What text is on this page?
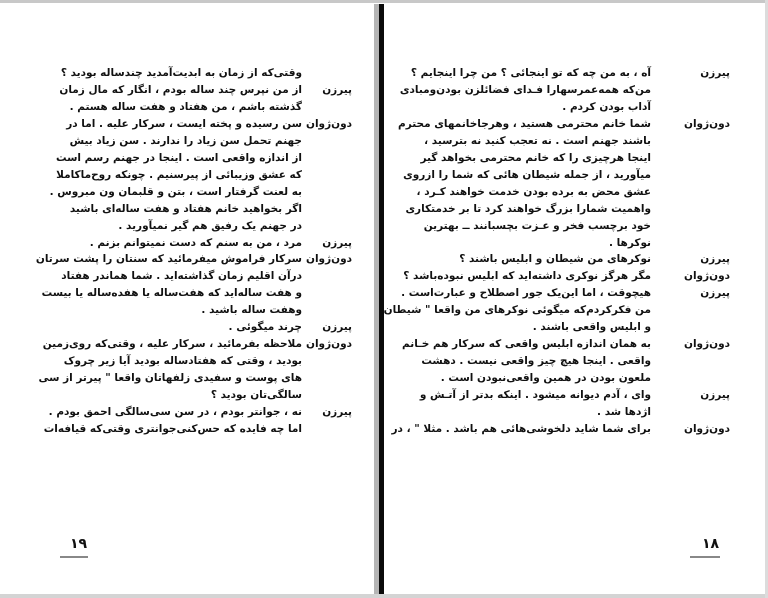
وقتی‌که از زمان به ابدیت‌آمدید چندساله بودید ؟
پیرزن
از من نپرس چند ساله بودم ، انگار که مال زمان
گذشته باشم ، من هفتاد و هفت ساله هستم .
دون‌ژوان
سن رسیده و پخته ایست ، سرکار علیه . اما در
جهنم تحمل سن زیاد را ندارند . سن زیاد بیش
از اندازه واقعی است . اینجا در جهنم رسم است
که عشق وزیبائی از پیرسنیم . چونکه روح‌ماکاملا
به لعنت گرفتار است ، بتن و قلبمان ون مبروس .
اگر بخواهید خانم هفتاد و هفت ساله‌ای باشید
در جهنم یک رفیق هم گیر نمیآورید .
پیرزن
مرد ، من به سنم که دست نمیتوانم بزنم .
دون‌ژوان
سرکار فراموش میفرمائید که سنتان را پشت سرتان
درآن اقلیم زمان گذاشته‌اید . شما هماندر هفتاد
و هفت ساله‌اید که هفت‌ساله یا هفده‌ساله یا بیست
وهفت ساله باشید .
پیرزن
چرند میگوئی .
دون‌ژوان
ملاحظه بفرمائید ، سرکار علیه ، وقتی‌که روی‌زمین
بودید ، وقتی که هفتادساله بودید آیا زیر چروک
های پوست و سفیدی زلفهاتان واقعا " پیرتر از سی
سالگی‌تان بودید ؟
پیرزن
نه ، جوانتر بودم ، در سن سی‌سالگی احمق بودم .
اما چه فایده که حس‌کنی‌جوانتری وقتی‌که قیافه‌ات
۱۹
پیرزن
آه ، به من چه که تو اینجائی ؟ من چرا اینجایم ؟
من‌که همه‌عمرسهارا فـدای فضائلزن بودن‌ومبادی
آداب بودن کردم .
دون‌ژوان
شما خانم محترمی هستید ، وهرجاخانمهای محترم
باشند جهنم است . نه تعجب کنید نه بترسید ،
اینجا هرچیزی را که خانم محترمی بخواهد گیر
میآورید ، از جمله شیطان هائی که شما را ازروی
عشق محض به برده بودن خدمت خواهند کـرد ،
واهمیت شمارا بزرگ خواهند کرد تا بر خدمتکاری
خود برچسب فخر و عـزت بچسبانند ــ بهترین
نوکرها .
پیرزن
نوکرهای من شیطان و ابلیس باشند ؟
دون‌ژوان
مگر هرگز نوکری داشته‌اید که ابلیس نبوده‌باشد ؟
پیرزن
هیچوقت ، اما این‌یک جور اصطلاح و عبارت‌است .
من فکرکردم‌که میگوئی نوکرهای من واقعا " شیطان
و ابلیس واقعی باشند .
دون‌ژوان
به همان اندازه ابلیس واقعی که سرکار هم خـانم
واقعی . اینجا هیچ چیز واقعی نیست . دهشت
ملعون بودن در همین واقعی‌نبودن است .
پیرزن
وای ، آدم دیوانه میشود . اینکه بدتر از آتـش و
اژدها شد .
دون‌ژوان
برای شما شاید دلخوشی‌هائی هم باشد . مثلا " ، در
۱۸
